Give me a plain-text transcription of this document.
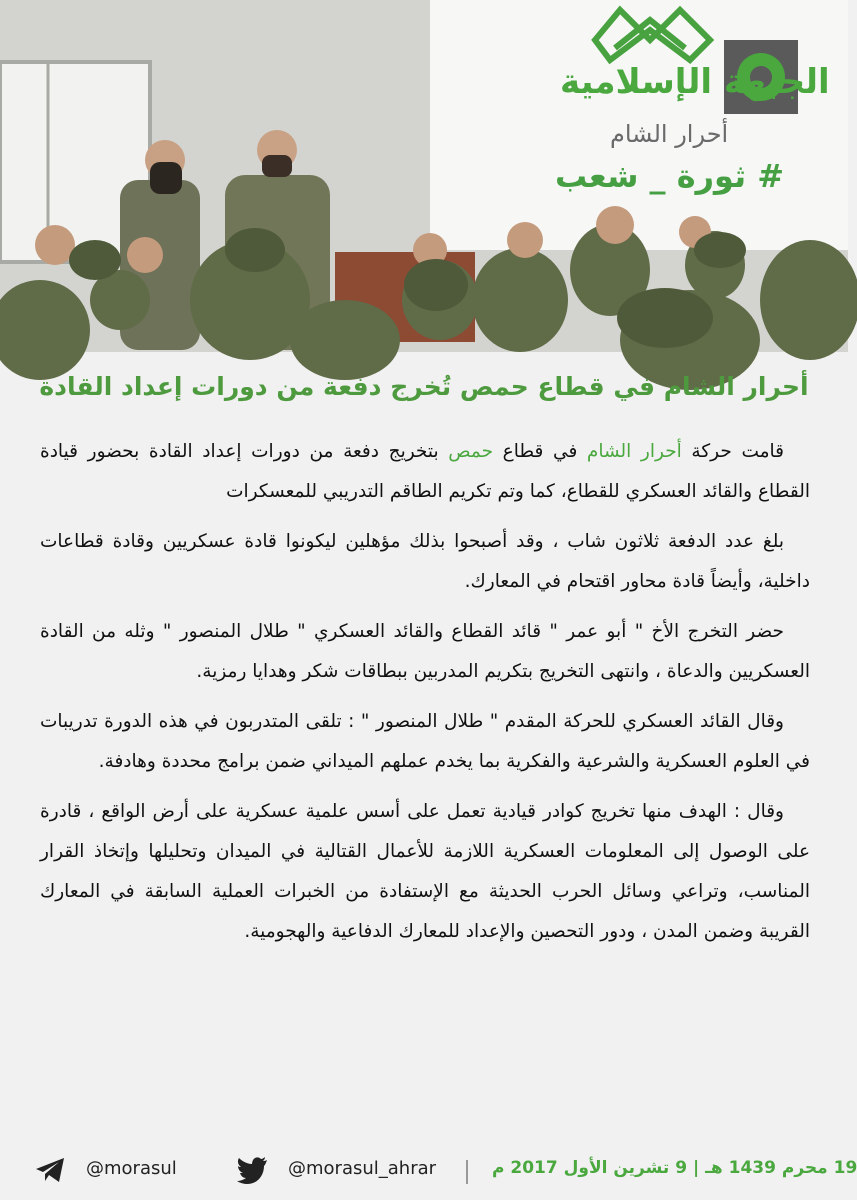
الجبهة الإسلامية
أحرار الشام
# ثورة _ شعب
أحرار الشام في قطاع حمص تُخرج دفعة من دورات إعداد القادة

قامت حركة أحرار الشام في قطاع حمص بتخريج دفعة من دورات إعداد القادة بحضور قيادة القطاع والقائد العسكري للقطاع، كما وتم تكريم الطاقم التدريبي للمعسكرات

بلغ عدد الدفعة ثلاثون شاب ، وقد أصبحوا بذلك مؤهلين ليكونوا قادة عسكريين وقادة قطاعات داخلية، وأيضاً قادة محاور اقتحام في المعارك.

حضر التخرج الأخ " أبو عمر " قائد القطاع والقائد العسكري " طلال المنصور " وثله من القادة العسكريين والدعاة ، وانتهى التخريج بتكريم المدربين ببطاقات شكر وهدايا رمزية.

وقال القائد العسكري للحركة المقدم " طلال المنصور " : تلقى المتدربون في هذه الدورة تدريبات في العلوم العسكرية والشرعية والفكرية بما يخدم عملهم الميداني ضمن برامج محددة وهادفة.

وقال : الهدف منها تخريج كوادر قيادية تعمل على أسس علمية عسكرية على أرض الواقع ، قادرة على الوصول إلى المعلومات العسكرية اللازمة للأعمال القتالية في الميدان وتحليلها وإتخاذ القرار المناسب، وتراعي وسائل الحرب الحديثة مع الإستفادة من الخبرات العملية السابقة في المعارك القريبة وضمن المدن ، ودور التحصين والإعداد للمعارك الدفاعية والهجومية.

@morasul	@morasul_ahrar	19 محرم 1439 هـ | 9 تشرين الأول 2017 م
